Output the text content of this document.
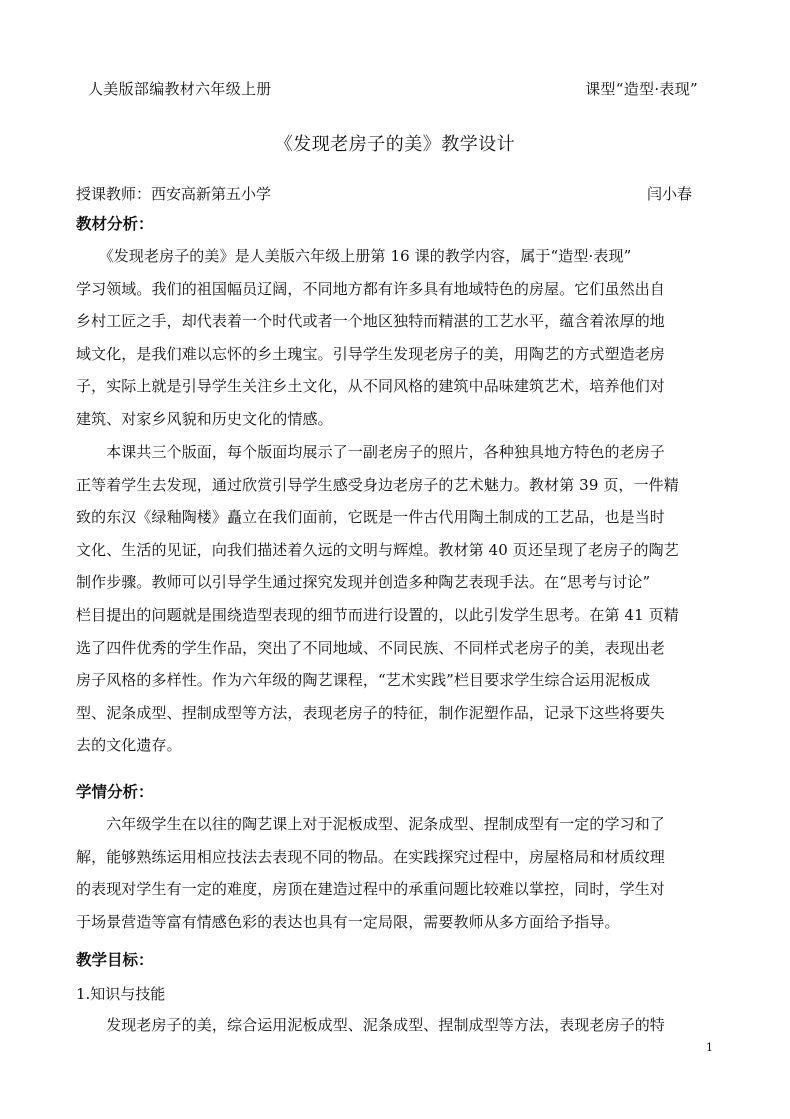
人美版部编教材六年级上册	课型“造型·表现”
《发现老房子的美》教学设计
授课教师：西安高新第五小学	闫小春
教材分析：
　　《发现老房子的美》是人美版六年级上册第 16 课的教学内容，属于“造型·表现”
学习领域。我们的祖国幅员辽阔，不同地方都有许多具有地域特色的房屋。它们虽然出自
乡村工匠之手，却代表着一个时代或者一个地区独特而精湛的工艺水平，蕴含着浓厚的地
域文化，是我们难以忘怀的乡土瑰宝。引导学生发现老房子的美，用陶艺的方式塑造老房
子，实际上就是引导学生关注乡土文化，从不同风格的建筑中品味建筑艺术，培养他们对
建筑、对家乡风貌和历史文化的情感。
　　本课共三个版面，每个版面均展示了一副老房子的照片，各种独具地方特色的老房子
正等着学生去发现，通过欣赏引导学生感受身边老房子的艺术魅力。教材第 39 页，一件精
致的东汉《绿釉陶楼》矗立在我们面前，它既是一件古代用陶土制成的工艺品，也是当时
文化、生活的见证，向我们描述着久远的文明与辉煌。教材第 40 页还呈现了老房子的陶艺
制作步骤。教师可以引导学生通过探究发现并创造多种陶艺表现手法。在“思考与讨论”
栏目提出的问题就是围绕造型表现的细节而进行设置的，以此引发学生思考。在第 41 页精
选了四件优秀的学生作品，突出了不同地域、不同民族、不同样式老房子的美，表现出老
房子风格的多样性。作为六年级的陶艺课程，“艺术实践”栏目要求学生综合运用泥板成
型、泥条成型、捏制成型等方法，表现老房子的特征，制作泥塑作品，记录下这些将要失
去的文化遗存。
学情分析：
　　六年级学生在以往的陶艺课上对于泥板成型、泥条成型、捏制成型有一定的学习和了
解，能够熟练运用相应技法去表现不同的物品。在实践探究过程中，房屋格局和材质纹理
的表现对学生有一定的难度，房顶在建造过程中的承重问题比较难以掌控，同时，学生对
于场景营造等富有情感色彩的表达也具有一定局限，需要教师从多方面给予指导。
教学目标：
1.知识与技能
　　发现老房子的美，综合运用泥板成型、泥条成型、捏制成型等方法，表现老房子的特
1
